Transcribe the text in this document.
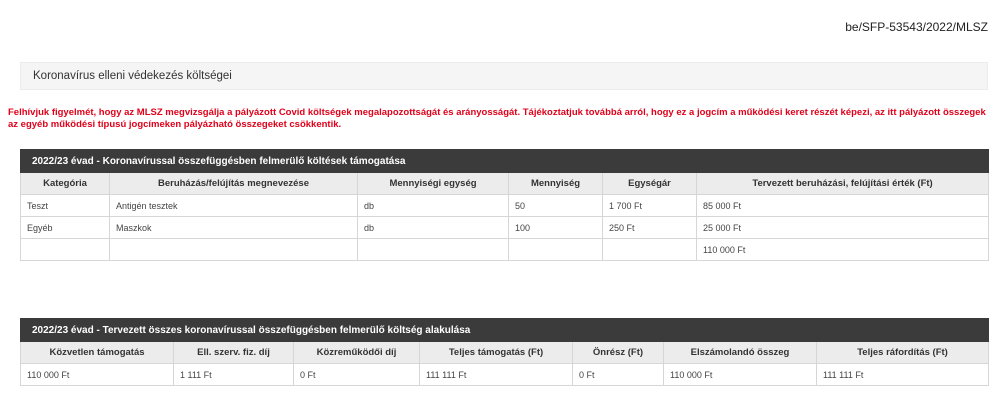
be/SFP-53543/2022/MLSZ
Koronavírus elleni védekezés költségei
Felhívjuk figyelmét, hogy az MLSZ megvizsgálja a pályázott Covid költségek megalapozottságát és arányosságát. Tájékoztatjuk továbbá arról, hogy ez a jogcím a működési keret részét képezi, az itt pályázott összegek az egyéb működési típusú jogcímeken pályázható összegeket csökkentik.
2022/23 évad - Koronavírussal összefüggésben felmerülő költések támogatása					
Kategória	Beruházás/felújítás megnevezése	Mennyiségi egység	Mennyiség	Egységár	Tervezett beruházási, felújítási érték (Ft)
Teszt	Antigén tesztek	db	50	1 700 Ft	85 000 Ft
Egyéb	Maszkok	db	100	250 Ft	25 000 Ft
					110 000 Ft
2022/23 évad - Tervezett összes koronavírussal összefüggésben felmerülő költség alakulása						
Közvetlen támogatás	Ell. szerv. fiz. díj	Közreműködői díj	Teljes támogatás (Ft)	Önrész (Ft)	Elszámolandó összeg	Teljes ráfordítás (Ft)
110 000 Ft	1 111 Ft	0 Ft	111 111 Ft	0 Ft	110 000 Ft	111 111 Ft
